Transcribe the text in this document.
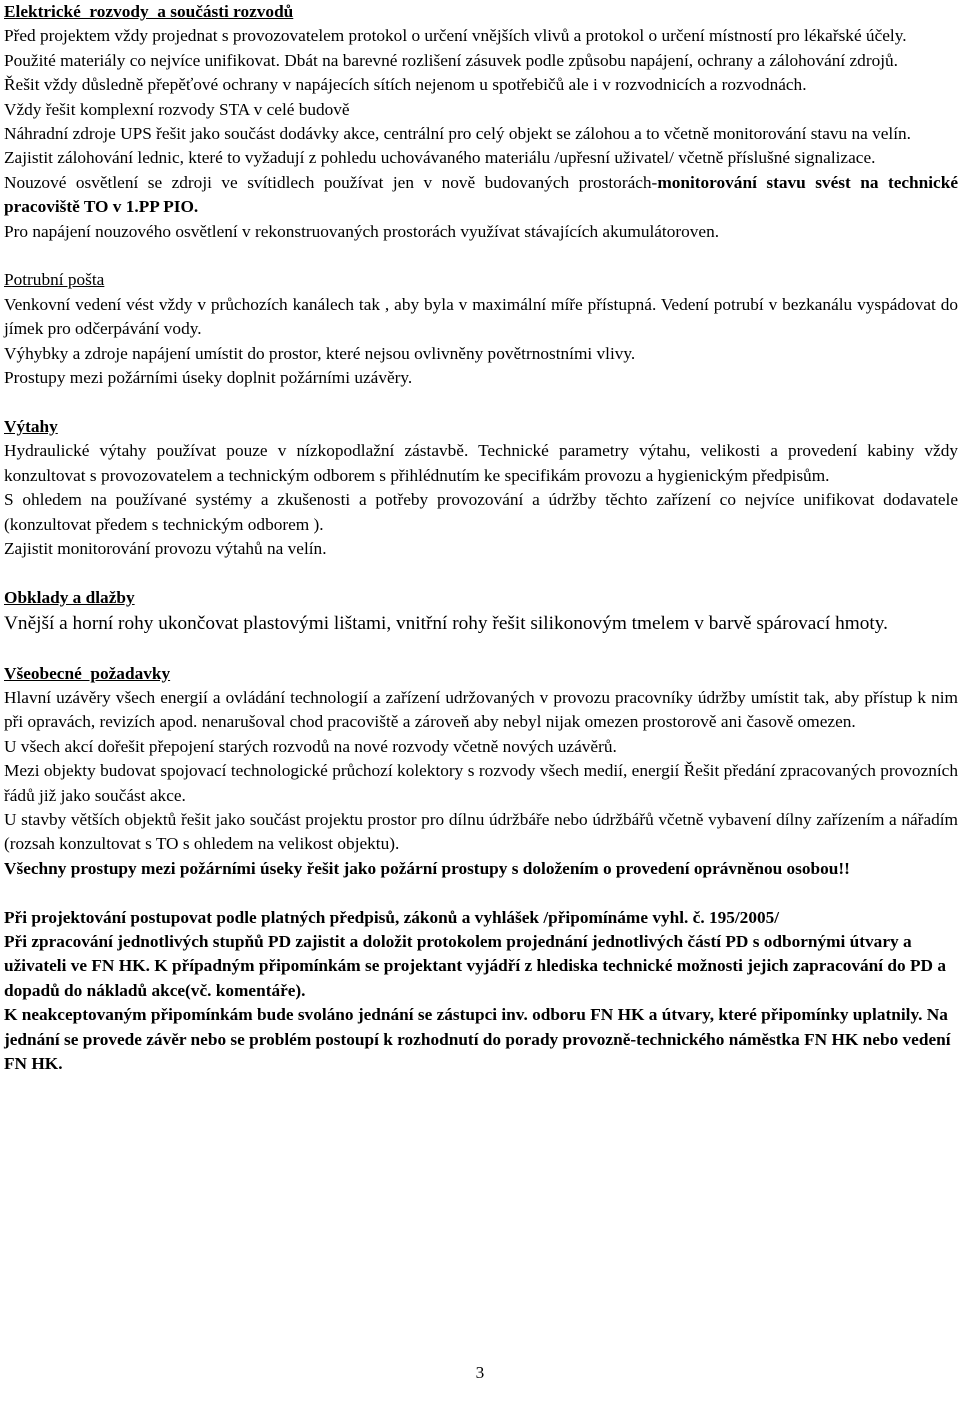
Elektrické  rozvody  a součásti rozvodů

Před projektem vždy projednat s provozovatelem protokol o určení vnějších vlivů a protokol o určení místností pro lékařské účely.

Použité materiály co nejvíce unifikovat. Dbát na barevné rozlišení zásuvek podle způsobu napájení, ochrany a zálohování zdrojů.

Řešit vždy důsledně přepěťové ochrany v napájecích sítích nejenom u spotřebičů ale i v rozvodnicích a rozvodnách.

Vždy řešit komplexní rozvody STA v celé budově

Náhradní zdroje UPS řešit jako součást dodávky akce, centrální pro celý objekt se zálohou a to včetně monitorování stavu na velín.

Zajistit zálohování lednic, které to vyžadují z pohledu uchovávaného materiálu /upřesní uživatel/ včetně příslušné signalizace.

Nouzové osvětlení se zdroji ve svítidlech používat jen v nově budovaných prostorách-monitorování stavu svést na technické pracoviště TO v 1.PP PIO.

Pro napájení nouzového osvětlení v rekonstruovaných prostorách využívat stávajících akumulátoroven.

Potrubní pošta

Venkovní vedení vést vždy v průchozích kanálech tak , aby byla v maximální míře přístupná. Vedení potrubí v bezkanálu vyspádovat do jímek pro odčerpávání vody.

Výhybky a zdroje napájení umístit do prostor, které nejsou ovlivněny povětrnostními vlivy.

Prostupy mezi požárními úseky doplnit požárními uzávěry.

Výtahy

Hydraulické výtahy používat pouze v nízkopodlažní zástavbě. Technické parametry výtahu, velikosti a provedení kabiny vždy konzultovat s provozovatelem a technickým odborem s přihlédnutím ke specifikám provozu a hygienickým předpisům.

S ohledem na používané systémy a zkušenosti a potřeby provozování a údržby těchto zařízení co nejvíce unifikovat dodavatele (konzultovat předem s technickým odborem ).

Zajistit monitorování provozu výtahů na velín.

Obklady a dlažby

Vnější a horní rohy ukončovat plastovými lištami, vnitřní rohy řešit silikonovým tmelem v barvě spárovací hmoty.

Všeobecné  požadavky

Hlavní uzávěry všech energií a ovládání technologií a zařízení udržovaných v provozu pracovníky údržby umístit tak, aby přístup k nim při opravách, revizích apod. nenarušoval chod pracoviště a zároveň aby nebyl nijak omezen prostorově ani časově omezen.

U všech akcí dořešit přepojení starých rozvodů na nové rozvody včetně nových uzávěrů.

Mezi objekty budovat spojovací technologické průchozí kolektory s rozvody všech medií, energií Řešit předání zpracovaných provozních řádů již jako součást akce.

U stavby větších objektů řešit jako součást projektu prostor pro dílnu údržbáře nebo údržbářů včetně vybavení dílny zařízením a nářadím (rozsah konzultovat s TO s ohledem na velikost objektu).

Všechny prostupy mezi požárními úseky řešit jako požární prostupy s doložením o provedení oprávněnou osobou!!

Při projektování postupovat podle platných předpisů, zákonů a vyhlášek /připomínáme vyhl. č. 195/2005/

Při zpracování jednotlivých stupňů PD zajistit a doložit protokolem projednání jednotlivých částí PD s odbornými útvary a uživateli ve FN HK. K případným připomínkám se projektant vyjádří z hlediska technické možnosti jejich zapracování do PD a dopadů do nákladů akce(vč. komentáře).

K neakceptovaným připomínkám bude svoláno jednání se zástupci inv. odboru FN HK a útvary, které připomínky uplatnily. Na jednání se provede závěr nebo se problém postoupí k rozhodnutí do porady provozně-technického náměstka FN HK nebo vedení FN HK.

3
